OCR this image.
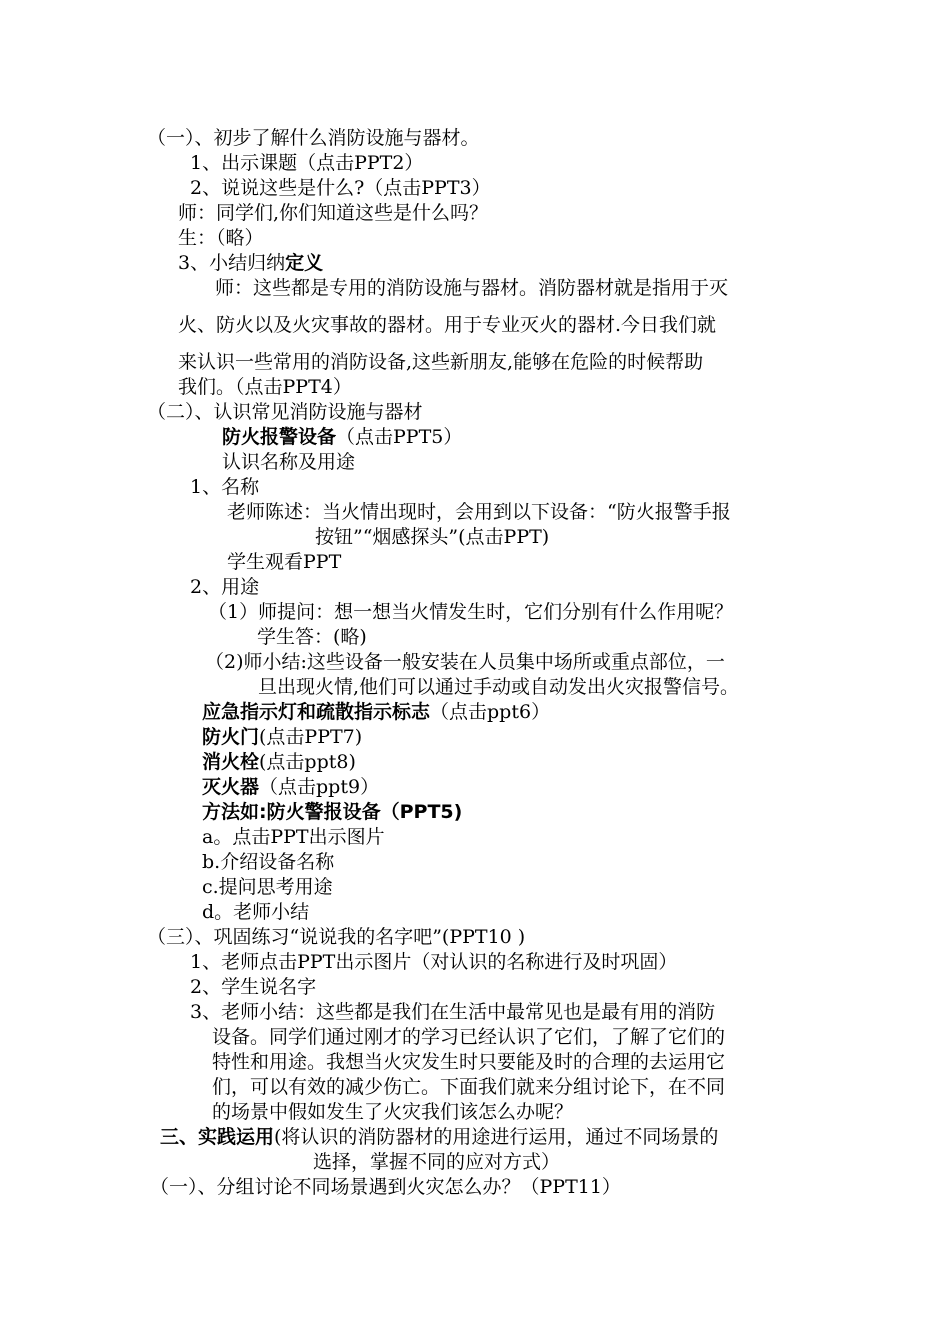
（一）、初步了解什么消防设施与器材。
1、出示课题（点击PPT2）
2、说说这些是什么?（点击PPT3）
师：同学们,你们知道这些是什么吗？
生：（略）
3、小结归纳定义
师：这些都是专用的消防设施与器材。消防器材就是指用于灭
火、防火以及火灾事故的器材。用于专业灭火的器材.今日我们就
来认识一些常用的消防设备,这些新朋友,能够在危险的时候帮助
我们。（点击PPT4）
（二）、认识常见消防设施与器材
防火报警设备（点击PPT5）
认识名称及用途
1、名称
老师陈述：当火情出现时，会用到以下设备：“防火报警手报
按钮”“烟感探头”(点击PPT)
学生观看PPT
2、用途
（1）师提问：想一想当火情发生时，它们分别有什么作用呢？
学生答：(略)
（2)师小结:这些设备一般安装在人员集中场所或重点部位，一
旦出现火情,他们可以通过手动或自动发出火灾报警信号。
应急指示灯和疏散指示标志（点击ppt6）
防火门(点击PPT7)
消火栓(点击ppt8)
灭火器（点击ppt9）
方法如:防火警报设备（PPT5)
a。点击PPT出示图片
b.介绍设备名称
c.提问思考用途
d。老师小结
（三）、巩固练习“说说我的名字吧”(PPT10 )
1、老师点击PPT出示图片（对认识的名称进行及时巩固）
2、学生说名字
3、老师小结：这些都是我们在生活中最常见也是最有用的消防
设备。同学们通过刚才的学习已经认识了它们，了解了它们的
特性和用途。我想当火灾发生时只要能及时的合理的去运用它
们，可以有效的减少伤亡。下面我们就来分组讨论下，在不同
的场景中假如发生了火灾我们该怎么办呢？
三、实践运用(将认识的消防器材的用途进行运用，通过不同场景的
选择，掌握不同的应对方式）
（一）、分组讨论不同场景遇到火灾怎么办？（PPT11）
